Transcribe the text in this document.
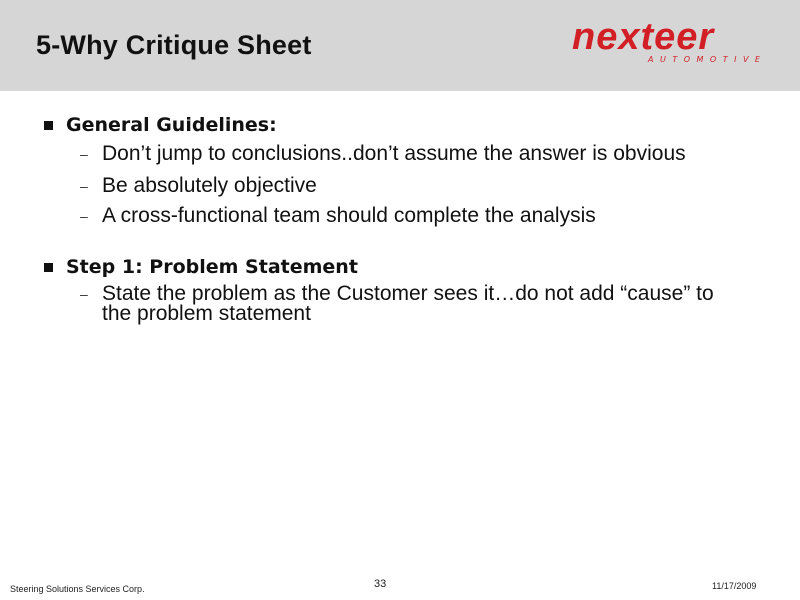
5-Why Critique Sheet	nexteer
AUTOMOTIVE
General Guidelines:
– Don’t jump to conclusions..don’t assume the answer is obvious
– Be absolutely objective
– A cross-functional team should complete the analysis
Step 1: Problem Statement
– State the problem as the Customer sees it…do not add “cause” to the problem statement
Steering Solutions Services Corp.	33	11/17/2009
